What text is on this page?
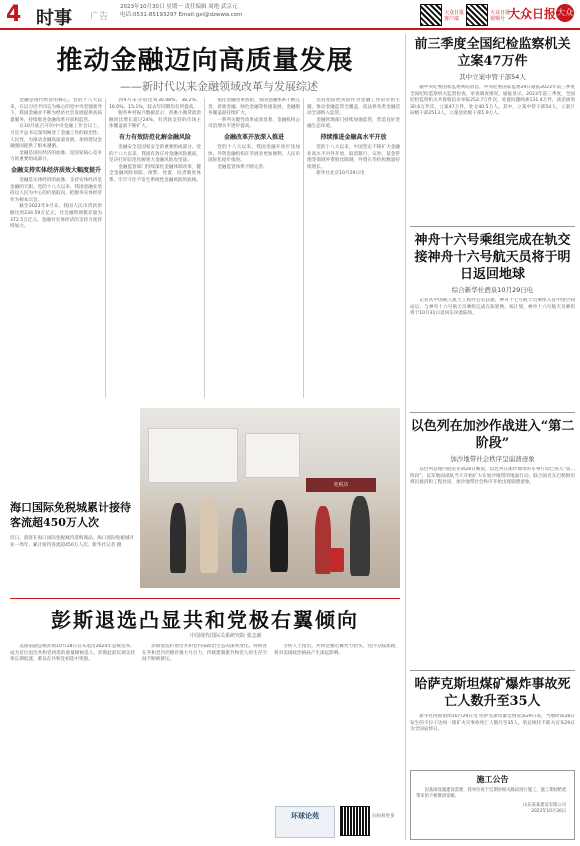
4 时事 广告
2023年10月30日 星期一 责任编辑 周艳 武京元
电话:0531-85193297 Email:gxl@dzwww.com	大众日报 客户端
大众日报 视频号 大众日报 大众
推动金融迈向高质量发展
——新时代以来金融领域改革与发展综述

金融是现代经济的核心。党的十八大以来，在以习近平同志为核心的党中央坚强领导下，我国金融业不断为经济社会发展提供高质量服务，持续推进金融改革开放和监管。

在10月底召开的中央金融工作会议上，习近平总书记深刻阐述了金融工作的政治性、人民性，为推动金融高质量发展、加快建设金融强国提供了根本遵循。

金融是国民经济的血脉，是国家核心竞争力的重要组成部分。

金融支持实体经济质效大幅度提升

金融是实体经济的血脉。支持实体经济是金融的天职。党的十八大以来，我国金融业坚持以人民为中心的价值取向，把服务实体经济作为根本宗旨。

截至2023年9月末，我国人民币贷款余额达到234.59万亿元，社会融资规模存量为372.5万亿元。金融对实体经济的支持力度持续加大。

到9月末分别达到30.48%、38.2%、16.0%、15.1%，较去年同期均有所提高。

服务乡村振兴数据显示，普惠小微贷款余额同比增长超过24%，有贷款支持的市场主体覆盖面不断扩大。

有力有效防范化解金融风险

金融安全是国家安全的重要组成部分。党的十八大以来，我国有效应对金融风险挑战，坚决打好防范化解重大金融风险攻坚战。

金融监管部门持续深化金融体制改革，健全金融风险预防、预警、处置、问责制度体系，牢牢守住不发生系统性金融风险的底线。

依托金融改革创新，我国金融体系不断完善，普惠金融、绿色金融等快速发展，金融服务覆盖面持续扩大。

一系列关键性改革成效显著，金融机构公司治理水平逐步提高。

金融改革开放深入推进

党的十八大以来，我国金融开放步伐加快，外资金融机构在华展业更加便利，人民币国际化稳步推进。

金融监管体系不断完善。

坚持把防控风险作为金融工作的永恒主题，推动金融监管全覆盖，依法将各类金融活动全部纳入监管。

金融管理部门持续加强监管，营造良好金融生态环境。

持续推进金融高水平开放

党的十八大以来，中国坚定不移扩大金融业高水平对外开放，取消银行、证券、基金管理等领域外资股比限制，外资在华机构数量持续增长。

新华社北京10月29日电

免税店
海口国际免税城累计接待客流超450万人次
近日，游客在海口国际免税城内选购商品。海口国际免税城开业一周年，累计接待客流超450万人次。新华社记者 摄
彭斯退选凸显共和党极右翼倾向
中国现代国际关系研究院 张志新

美国前副总统彭斯10月28日宣布退出2024年总统选举，成为首位退出共和党初选的重量级候选人。彭斯此前民调支持率长期低迷，难以在共和党初选中突围。

彭斯退选折射出共和党内部政治生态的深刻变化。特朗普在共和党内仍拥有强大号召力，传统建制派共和党人的生存空间不断被挤压。

分析人士指出，共和党极右翼势力抬头，党内分歧加剧，将对美国政治格局产生深远影响。

环球论苑	扫码看更多
前三季度全国纪检监察机关立案47万件
其中立案中管干部54人

据中央纪委国家监委网站消息，中央纪委国家监委29日通报2023年前三季度全国纪检监察机关监督检查、审查调查情况。通报显示，2023年前三季度，全国纪检监察机关共接收信访举报253.7万件次，处置问题线索131.4万件，谈话函询30.6万件次，立案47万件，处分40.5万人。其中，立案中管干部54人，立案厅局级干部2513人，立案县处级干部1.9万人。

神舟十六号乘组完成在轨交接神舟十六号航天员将于明日返回地球
综合新华社酒泉10月29日电

记者从中国载人航天工程办公室获悉，神舟十七号航天员乘组入驻中国空间站后，与神舟十六号航天员乘组完成在轨轮换。按计划，神舟十六号航天员乘组将于10月31日返回东风着陆场。

以色列在加沙作战进入“第二阶段”
加沙地带社会秩序呈崩溃迹象

以色列总理内塔尼亚胡28日晚说，以色列在加沙地带的军事行动已进入“第二阶段”，以军地面部队当天开始扩大在加沙地带的地面行动。联合国近东巴勒斯坦难民救济和工程处说，加沙地带社会秩序开始出现崩溃迹象。

哈萨克斯坦煤矿爆炸事故死亡人数升至35人

新华社阿斯塔纳10月29日电 哈萨克斯坦紧急情况部29日说，当地时间28日发生的卡拉干达州一煤矿火灾事故死亡人数升至35人。哈总统托卡耶夫宣布29日为全国哀悼日。

施工公告
因基础设施建设需要，我单位将于近期对相关路段进行施工，施工期间给您带来的不便敬请谅解。
山东某某建设有限公司
2023年10月30日
